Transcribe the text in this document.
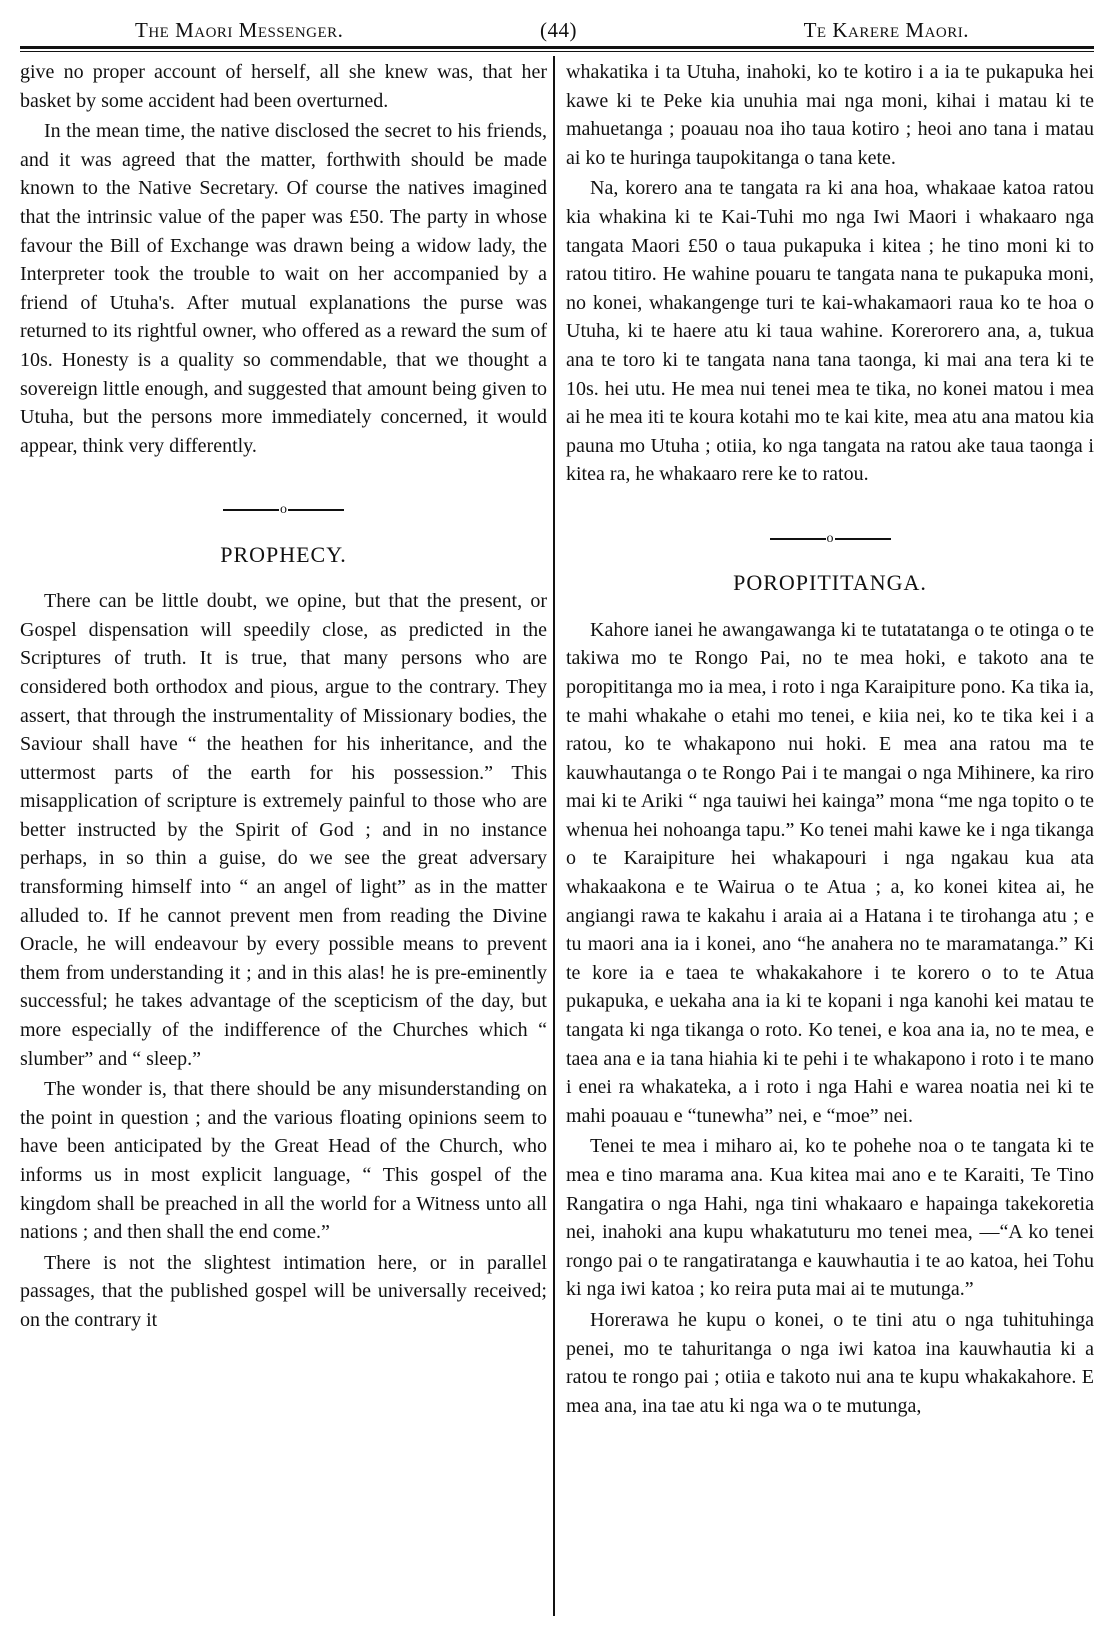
The Maori Messenger.	(44)	Te Karere Maori.

give no proper account of herself, all she knew was, that her basket by some accident had been overturned.

In the mean time, the native disclosed the secret to his friends, and it was agreed that the matter, forthwith should be made known to the Native Secretary. Of course the natives imagined that the intrinsic value of the paper was £50. The party in whose favour the Bill of Exchange was drawn being a widow lady, the Interpreter took the trouble to wait on her accompanied by a friend of Utuha's. After mutual explanations the purse was returned to its rightful owner, who offered as a reward the sum of 10s. Honesty is a quality so commendable, that we thought a sovereign little enough, and suggested that amount being given to Utuha, but the persons more immediately concerned, it would appear, think very differently.

o
PROPHECY.

There can be little doubt, we opine, but that the present, or Gospel dispensation will speedily close, as predicted in the Scriptures of truth. It is true, that many persons who are considered both orthodox and pious, argue to the contrary. They assert, that through the instrumentality of Missionary bodies, the Saviour shall have “ the heathen for his inheritance, and the uttermost parts of the earth for his possession.” This misapplication of scripture is extremely painful to those who are better instructed by the Spirit of God ; and in no instance perhaps, in so thin a guise, do we see the great adversary transforming himself into “ an angel of light” as in the matter alluded to. If he cannot prevent men from reading the Divine Oracle, he will endeavour by every possible means to prevent them from understanding it ; and in this alas! he is pre-eminently successful; he takes advantage of the scepticism of the day, but more especially of the indifference of the Churches which “ slumber” and “ sleep.”

The wonder is, that there should be any misunderstanding on the point in question ; and the various floating opinions seem to have been anticipated by the Great Head of the Church, who informs us in most explicit language, “ This gospel of the kingdom shall be preached in all the world for a Witness unto all nations ; and then shall the end come.”

There is not the slightest intimation here, or in parallel passages, that the published gospel will be universally received; on the contrary it

whakatika i ta Utuha, inahoki, ko te kotiro i a ia te pukapuka hei kawe ki te Peke kia unuhia mai nga moni, kihai i matau ki te mahuetanga ; poauau noa iho taua kotiro ; heoi ano tana i matau ai ko te huringa taupokitanga o tana kete.

Na, korero ana te tangata ra ki ana hoa, whakaae katoa ratou kia whakina ki te Kai-Tuhi mo nga Iwi Maori i whakaaro nga tangata Maori £50 o taua pukapuka i kitea ; he tino moni ki to ratou titiro. He wahine pouaru te tangata nana te pukapuka moni, no konei, whakangenge turi te kai-whakamaori raua ko te hoa o Utuha, ki te haere atu ki taua wahine. Korerorero ana, a, tukua ana te toro ki te tangata nana tana taonga, ki mai ana tera ki te 10s. hei utu. He mea nui tenei mea te tika, no konei matou i mea ai he mea iti te koura kotahi mo te kai kite, mea atu ana matou kia pauna mo Utuha ; otiia, ko nga tangata na ratou ake taua taonga i kitea ra, he whakaaro rere ke to ratou.

o
POROPITITANGA.

Kahore ianei he awangawanga ki te tutatatanga o te otinga o te takiwa mo te Rongo Pai, no te mea hoki, e takoto ana te poropititanga mo ia mea, i roto i nga Karaipiture pono. Ka tika ia, te mahi whakahe o etahi mo tenei, e kiia nei, ko te tika kei i a ratou, ko te whakapono nui hoki. E mea ana ratou ma te kauwhautanga o te Rongo Pai i te mangai o nga Mihinere, ka riro mai ki te Ariki “ nga tauiwi hei kainga” mona “me nga topito o te whenua hei nohoanga tapu.” Ko tenei mahi kawe ke i nga tikanga o te Karaipiture hei whakapouri i nga ngakau kua ata whakaakona e te Wairua o te Atua ; a, ko konei kitea ai, he angiangi rawa te kakahu i araia ai a Hatana i te tirohanga atu ; e tu maori ana ia i konei, ano “he anahera no te maramatanga.” Ki te kore ia e taea te whakakahore i te korero o to te Atua pukapuka, e uekaha ana ia ki te kopani i nga kanohi kei matau te tangata ki nga tikanga o roto. Ko tenei, e koa ana ia, no te mea, e taea ana e ia tana hiahia ki te pehi i te whakapono i roto i te mano i enei ra whakateka, a i roto i nga Hahi e warea noatia nei ki te mahi poauau e “tunewha” nei, e “moe” nei.

Tenei te mea i miharo ai, ko te pohehe noa o te tangata ki te mea e tino marama ana. Kua kitea mai ano e te Karaiti, Te Tino Rangatira o nga Hahi, nga tini whakaaro e hapainga takekoretia nei, inahoki ana kupu whakatuturu mo tenei mea, —“A ko tenei rongo pai o te rangatiratanga e kauwhautia i te ao katoa, hei Tohu ki nga iwi katoa ; ko reira puta mai ai te mutunga.”

Horerawa he kupu o konei, o te tini atu o nga tuhituhinga penei, mo te tahuritanga o nga iwi katoa ina kauwhautia ki a ratou te rongo pai ; otiia e takoto nui ana te kupu whakakahore. E mea ana, ina tae atu ki nga wa o te mutunga,
